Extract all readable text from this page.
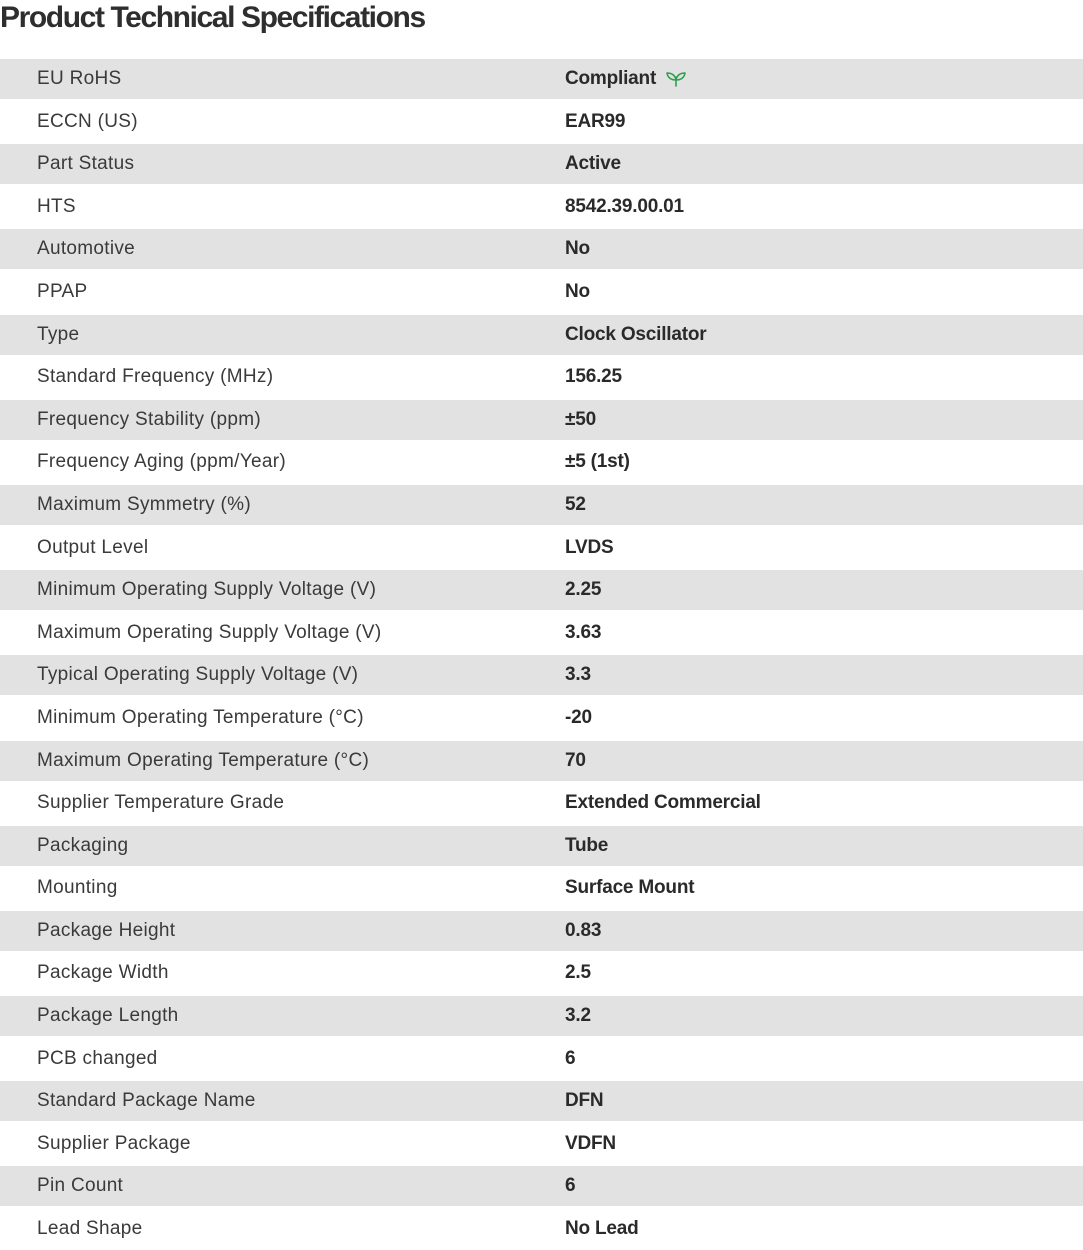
Product Technical Specifications
EU RoHS	Compliant
ECCN (US)	EAR99
Part Status	Active
HTS	8542.39.00.01
Automotive	No
PPAP	No
Type	Clock Oscillator
Standard Frequency (MHz)	156.25
Frequency Stability (ppm)	±50
Frequency Aging (ppm/Year)	±5 (1st)
Maximum Symmetry (%)	52
Output Level	LVDS
Minimum Operating Supply Voltage (V)	2.25
Maximum Operating Supply Voltage (V)	3.63
Typical Operating Supply Voltage (V)	3.3
Minimum Operating Temperature (°C)	-20
Maximum Operating Temperature (°C)	70
Supplier Temperature Grade	Extended Commercial
Packaging	Tube
Mounting	Surface Mount
Package Height	0.83
Package Width	2.5
Package Length	3.2
PCB changed	6
Standard Package Name	DFN
Supplier Package	VDFN
Pin Count	6
Lead Shape	No Lead
